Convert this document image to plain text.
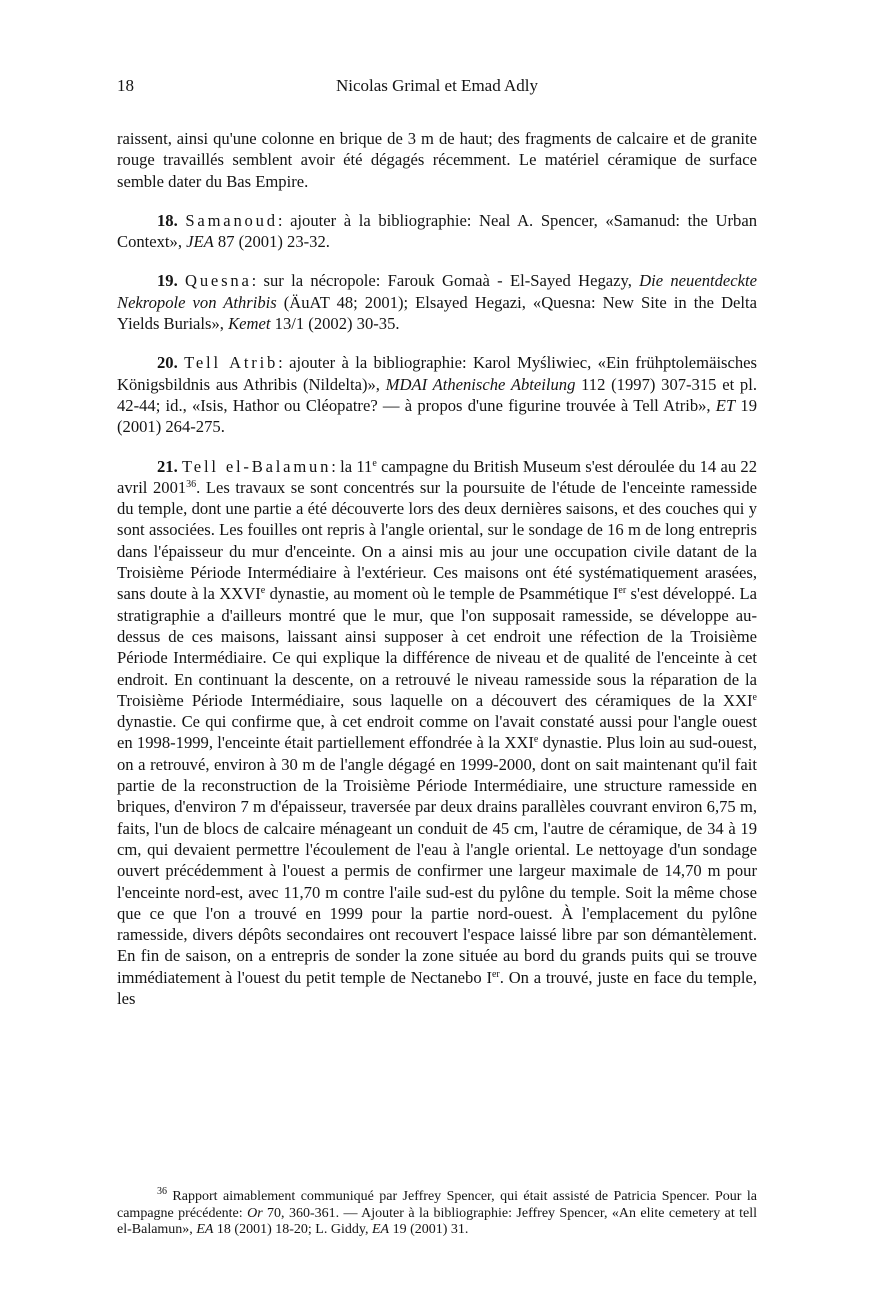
18	Nicolas Grimal et Emad Adly

raissent, ainsi qu'une colonne en brique de 3 m de haut; des fragments de calcaire et de granite rouge travaillés semblent avoir été dégagés récemment. Le matériel céramique de surface semble dater du Bas Empire.

18. Samanoud: ajouter à la bibliographie: Neal A. Spencer, «Samanud: the Urban Context», JEA 87 (2001) 23-32.

19. Quesna: sur la nécropole: Farouk Gomaà - El-Sayed Hegazy, Die neuentdeckte Nekropole von Athribis (ÄuAT 48; 2001); Elsayed Hegazi, «Quesna: New Site in the Delta Yields Burials», Kemet 13/1 (2002) 30-35.

20. Tell Atrib: ajouter à la bibliographie: Karol Myśliwiec, «Ein frühptolemäisches Königsbildnis aus Athribis (Nildelta)», MDAI Athenische Abteilung 112 (1997) 307-315 et pl. 42-44; id., «Isis, Hathor ou Cléopatre? — à propos d'une figurine trouvée à Tell Atrib», ET 19 (2001) 264-275.

21. Tell el-Balamun: la 11e campagne du British Museum s'est déroulée du 14 au 22 avril 2001$^{36}$. Les travaux se sont concentrés sur la poursuite de l'étude de l'enceinte ramesside du temple, dont une partie a été découverte lors des deux dernières saisons, et des couches qui y sont associées. Les fouilles ont repris à l'angle oriental, sur le sondage de 16 m de long entrepris dans l'épaisseur du mur d'enceinte. On a ainsi mis au jour une occupation civile datant de la Troisième Période Intermédiaire à l'extérieur. Ces maisons ont été systématiquement arasées, sans doute à la XXVIe dynastie, au moment où le temple de Psammétique Ier s'est développé. La stratigraphie a d'ailleurs montré que le mur, que l'on supposait ramesside, se développe au-dessus de ces maisons, laissant ainsi supposer à cet endroit une réfection de la Troisième Période Intermédiaire. Ce qui explique la différence de niveau et de qualité de l'enceinte à cet endroit. En continuant la descente, on a retrouvé le niveau ramesside sous la réparation de la Troisième Période Intermédiaire, sous laquelle on a découvert des céramiques de la XXIe dynastie. Ce qui confirme que, à cet endroit comme on l'avait constaté aussi pour l'angle ouest en 1998-1999, l'enceinte était partiellement effondrée à la XXIe dynastie. Plus loin au sud-ouest, on a retrouvé, environ à 30 m de l'angle dégagé en 1999-2000, dont on sait maintenant qu'il fait partie de la reconstruction de la Troisième Période Intermédiaire, une structure ramesside en briques, d'environ 7 m d'épaisseur, traversée par deux drains parallèles couvrant environ 6,75 m, faits, l'un de blocs de calcaire ménageant un conduit de 45 cm, l'autre de céramique, de 34 à 19 cm, qui devaient permettre l'écoulement de l'eau à l'angle oriental. Le nettoyage d'un sondage ouvert précédemment à l'ouest a permis de confirmer une largeur maximale de 14,70 m pour l'enceinte nord-est, avec 11,70 m contre l'aile sud-est du pylône du temple. Soit la même chose que ce que l'on a trouvé en 1999 pour la partie nord-ouest. À l'emplacement du pylône ramesside, divers dépôts secondaires ont recouvert l'espace laissé libre par son démantèlement. En fin de saison, on a entrepris de sonder la zone située au bord du grands puits qui se trouve immédiatement à l'ouest du petit temple de Nectanebo Ier. On a trouvé, juste en face du temple, les

$^{36}$ Rapport aimablement communiqué par Jeffrey Spencer, qui était assisté de Patricia Spencer. Pour la campagne précédente: Or 70, 360-361. — Ajouter à la bibliographie: Jeffrey Spencer, «An elite cemetery at tell el-Balamun», EA 18 (2001) 18-20; L. Giddy, EA 19 (2001) 31.
